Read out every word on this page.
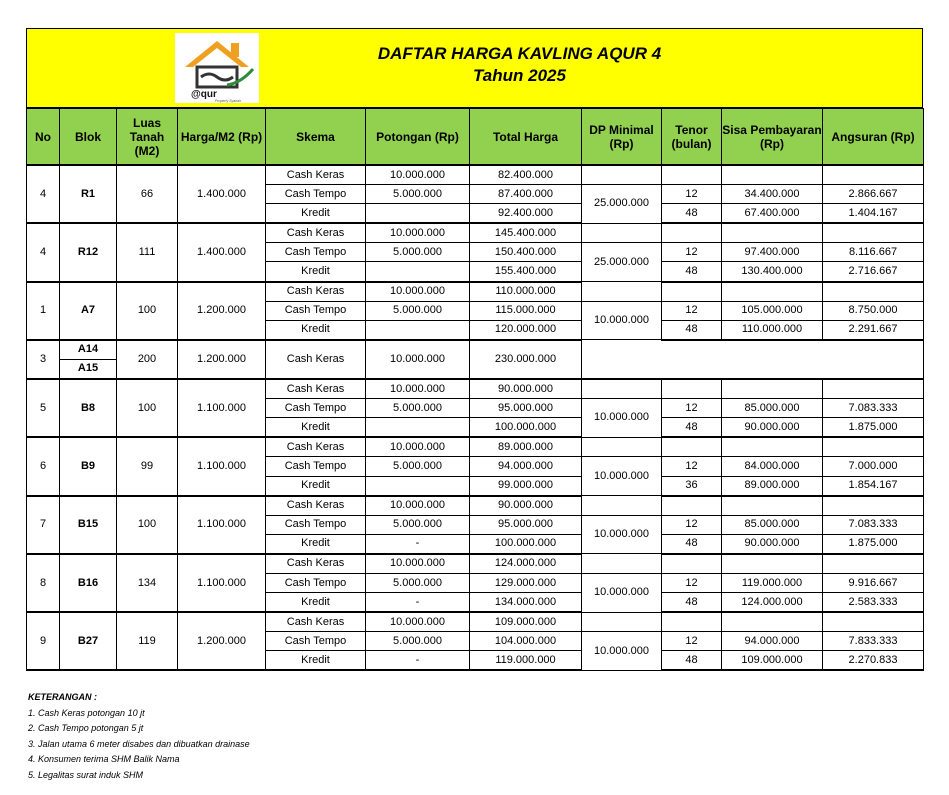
@qur
Property Syariah
DAFTAR HARGA KAVLING AQUR 4
Tahun 2025
No	Blok	Luas Tanah (M2)	Harga/M2 (Rp)	Skema	Potongan (Rp)	Total Harga	DP Minimal (Rp)	Tenor (bulan)	Sisa Pembayaran (Rp)	Angsuran (Rp)
4	R1	66	1.400.000	Cash Keras	10.000.000	82.400.000				
				Cash Tempo	5.000.000	87.400.000	25.000.000	12	34.400.000	2.866.667
				Kredit		92.400.000		48	67.400.000	1.404.167
4	R12	111	1.400.000	Cash Keras	10.000.000	145.400.000				
				Cash Tempo	5.000.000	150.400.000	25.000.000	12	97.400.000	8.116.667
				Kredit		155.400.000		48	130.400.000	2.716.667
1	A7	100	1.200.000	Cash Keras	10.000.000	110.000.000				
				Cash Tempo	5.000.000	115.000.000	10.000.000	12	105.000.000	8.750.000
				Kredit		120.000.000		48	110.000.000	2.291.667
3	A14	200	1.200.000	Cash Keras	10.000.000	230.000.000				
	A15									
5	B8	100	1.100.000	Cash Keras	10.000.000	90.000.000				
				Cash Tempo	5.000.000	95.000.000	10.000.000	12	85.000.000	7.083.333
				Kredit		100.000.000		48	90.000.000	1.875.000
6	B9	99	1.100.000	Cash Keras	10.000.000	89.000.000				
				Cash Tempo	5.000.000	94.000.000	10.000.000	12	84.000.000	7.000.000
				Kredit		99.000.000		36	89.000.000	1.854.167
7	B15	100	1.100.000	Cash Keras	10.000.000	90.000.000				
				Cash Tempo	5.000.000	95.000.000	10.000.000	12	85.000.000	7.083.333
				Kredit	-	100.000.000		48	90.000.000	1.875.000
8	B16	134	1.100.000	Cash Keras	10.000.000	124.000.000				
				Cash Tempo	5.000.000	129.000.000	10.000.000	12	119.000.000	9.916.667
				Kredit	-	134.000.000		48	124.000.000	2.583.333
9	B27	119	1.200.000	Cash Keras	10.000.000	109.000.000				
				Cash Tempo	5.000.000	104.000.000	10.000.000	12	94.000.000	7.833.333
				Kredit	-	119.000.000		48	109.000.000	2.270.833
KETERANGAN :
1. Cash Keras potongan 10 jt
2. Cash Tempo potongan 5 jt
3. Jalan utama 6 meter disabes dan dibuatkan drainase
4. Konsumen terima SHM Balik Nama
5. Legalitas surat induk SHM
